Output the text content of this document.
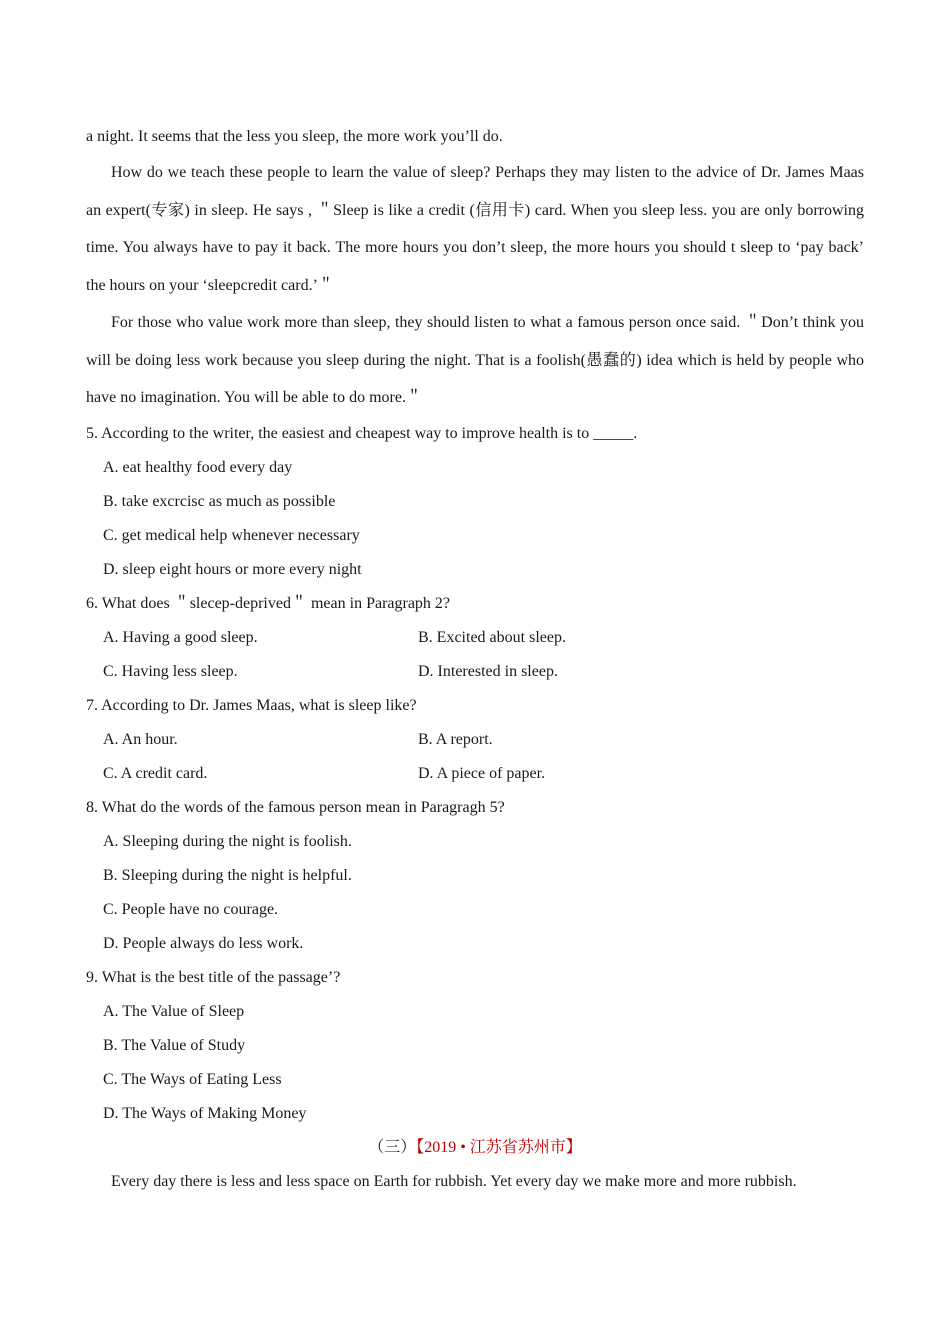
a night. It seems that the less you sleep, the more work you’ll do.

How do we teach these people to learn the value of sleep? Perhaps they may listen to the advice of Dr. James Maas an expert(专家) in sleep. He says , ＂Sleep is like a credit (信用卡) card. When you sleep less. you are only borrowing time. You always have to pay it back. The more hours you don’t sleep, the more hours you should t sleep to ‘pay back’ the hours on your ‘sleepcredit card.’＂

For those who value work more than sleep, they should listen to what a famous person once said. ＂Don’t think you will be doing less work because you sleep during the night. That is a foolish(愚蠢的) idea which is held by people who have no imagination. You will be able to do more.＂

5. According to the writer, the easiest and cheapest way to improve health is to _____.

A. eat healthy food every day

B. take excrcisc as much as possible

C. get medical help whenever necessary

D. sleep eight hours or more every night

6. What does ＂slecep-deprived＂ mean in Paragraph 2?

A. Having a good sleep.	B. Excited about sleep.
C. Having less sleep.	D. Interested in sleep.

7. According to Dr. James Maas, what is sleep like?

A. An hour.	B. A report.
C. A credit card.	D. A piece of paper.

8. What do the words of the famous person mean in Paragragh 5?

A. Sleeping during the night is foolish.

B. Sleeping during the night is helpful.

C. People have no courage.

D. People always do less work.

9. What is the best title of the passage’?

A. The Value of Sleep

B. The Value of Study

C. The Ways of Eating Less

D. The Ways of Making Money

（三）【2019 • 江苏省苏州市】

Every day there is less and less space on Earth for rubbish. Yet every day we make more and more rubbish.
